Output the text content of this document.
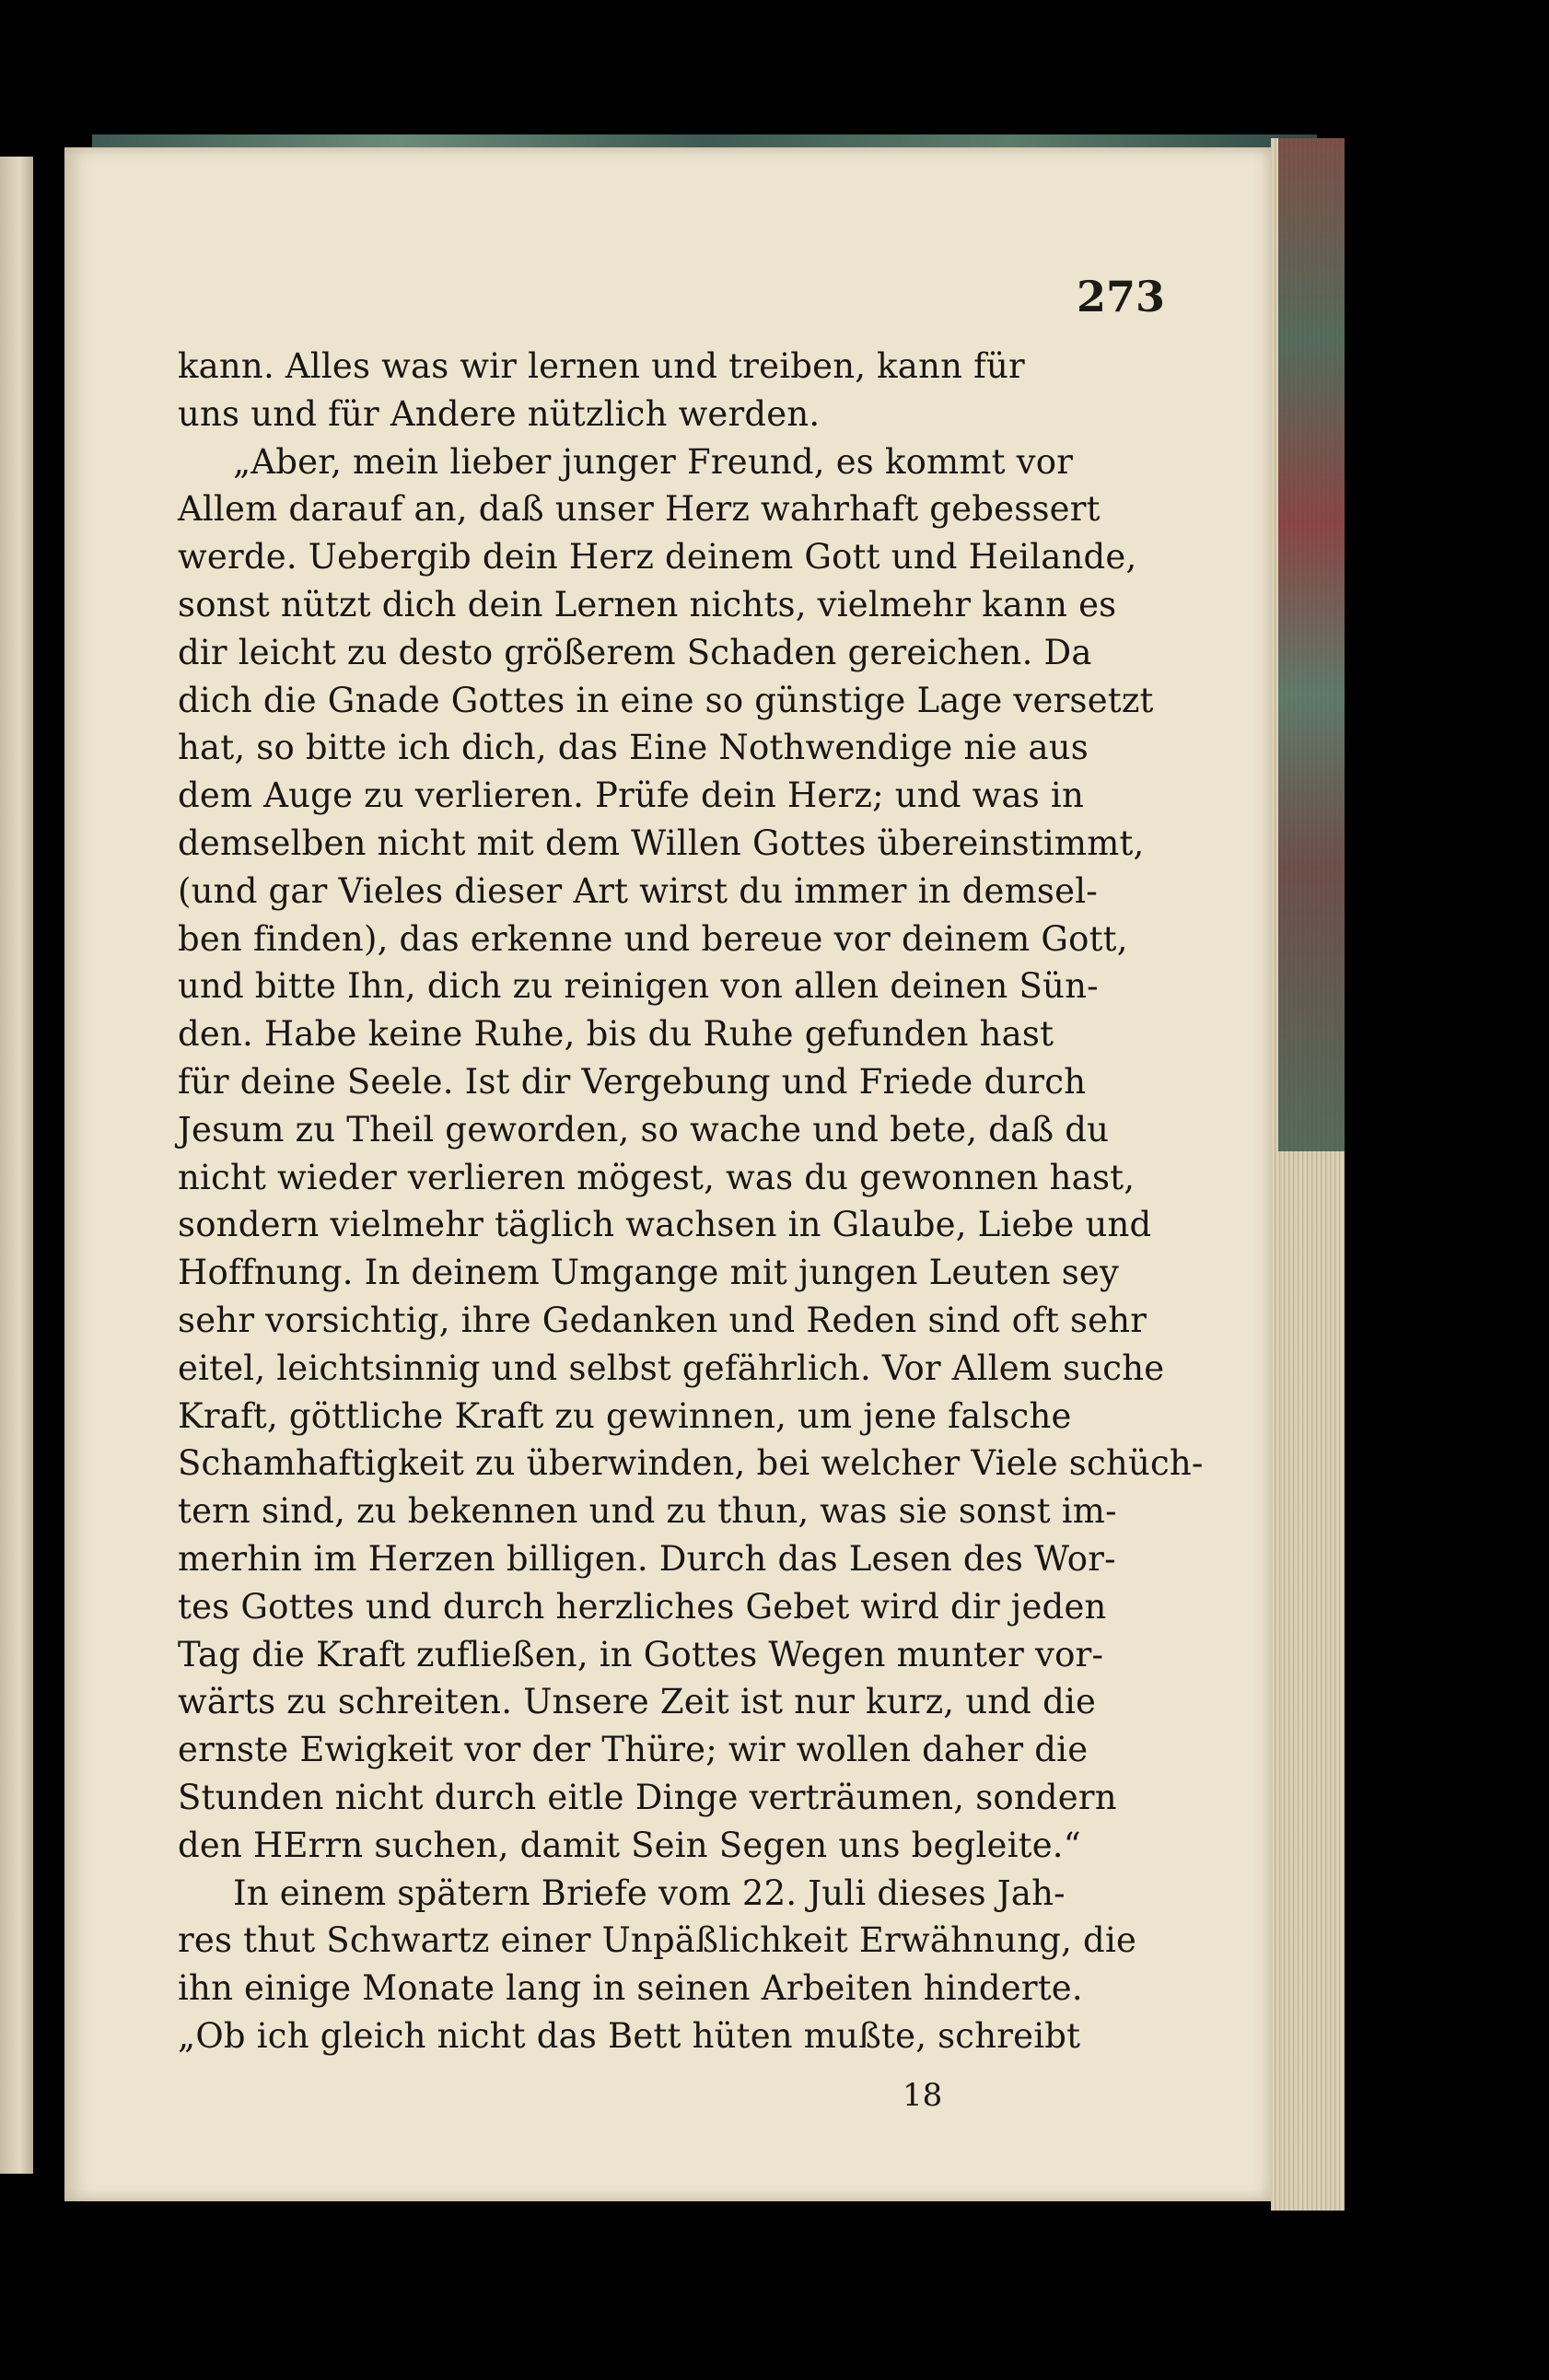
273
kann. Alles was wir lernen und treiben, kann für
uns und für Andere nützlich werden.
„Aber, mein lieber junger Freund, es kommt vor
Allem darauf an, daß unser Herz wahrhaft gebessert
werde. Uebergib dein Herz deinem Gott und Heilande,
sonst nützt dich dein Lernen nichts, vielmehr kann es
dir leicht zu desto größerem Schaden gereichen. Da
dich die Gnade Gottes in eine so günstige Lage versetzt
hat, so bitte ich dich, das Eine Nothwendige nie aus
dem Auge zu verlieren. Prüfe dein Herz; und was in
demselben nicht mit dem Willen Gottes übereinstimmt,
(und gar Vieles dieser Art wirst du immer in demsel-
ben finden), das erkenne und bereue vor deinem Gott,
und bitte Ihn, dich zu reinigen von allen deinen Sün-
den. Habe keine Ruhe, bis du Ruhe gefunden hast
für deine Seele. Ist dir Vergebung und Friede durch
Jesum zu Theil geworden, so wache und bete, daß du
nicht wieder verlieren mögest, was du gewonnen hast,
sondern vielmehr täglich wachsen in Glaube, Liebe und
Hoffnung. In deinem Umgange mit jungen Leuten sey
sehr vorsichtig, ihre Gedanken und Reden sind oft sehr
eitel, leichtsinnig und selbst gefährlich. Vor Allem suche
Kraft, göttliche Kraft zu gewinnen, um jene falsche
Schamhaftigkeit zu überwinden, bei welcher Viele schüch-
tern sind, zu bekennen und zu thun, was sie sonst im-
merhin im Herzen billigen. Durch das Lesen des Wor-
tes Gottes und durch herzliches Gebet wird dir jeden
Tag die Kraft zufließen, in Gottes Wegen munter vor-
wärts zu schreiten. Unsere Zeit ist nur kurz, und die
ernste Ewigkeit vor der Thüre; wir wollen daher die
Stunden nicht durch eitle Dinge verträumen, sondern
den HErrn suchen, damit Sein Segen uns begleite.“
In einem spätern Briefe vom 22. Juli dieses Jah-
res thut Schwartz einer Unpäßlichkeit Erwähnung, die
ihn einige Monate lang in seinen Arbeiten hinderte.
„Ob ich gleich nicht das Bett hüten mußte, schreibt
18
